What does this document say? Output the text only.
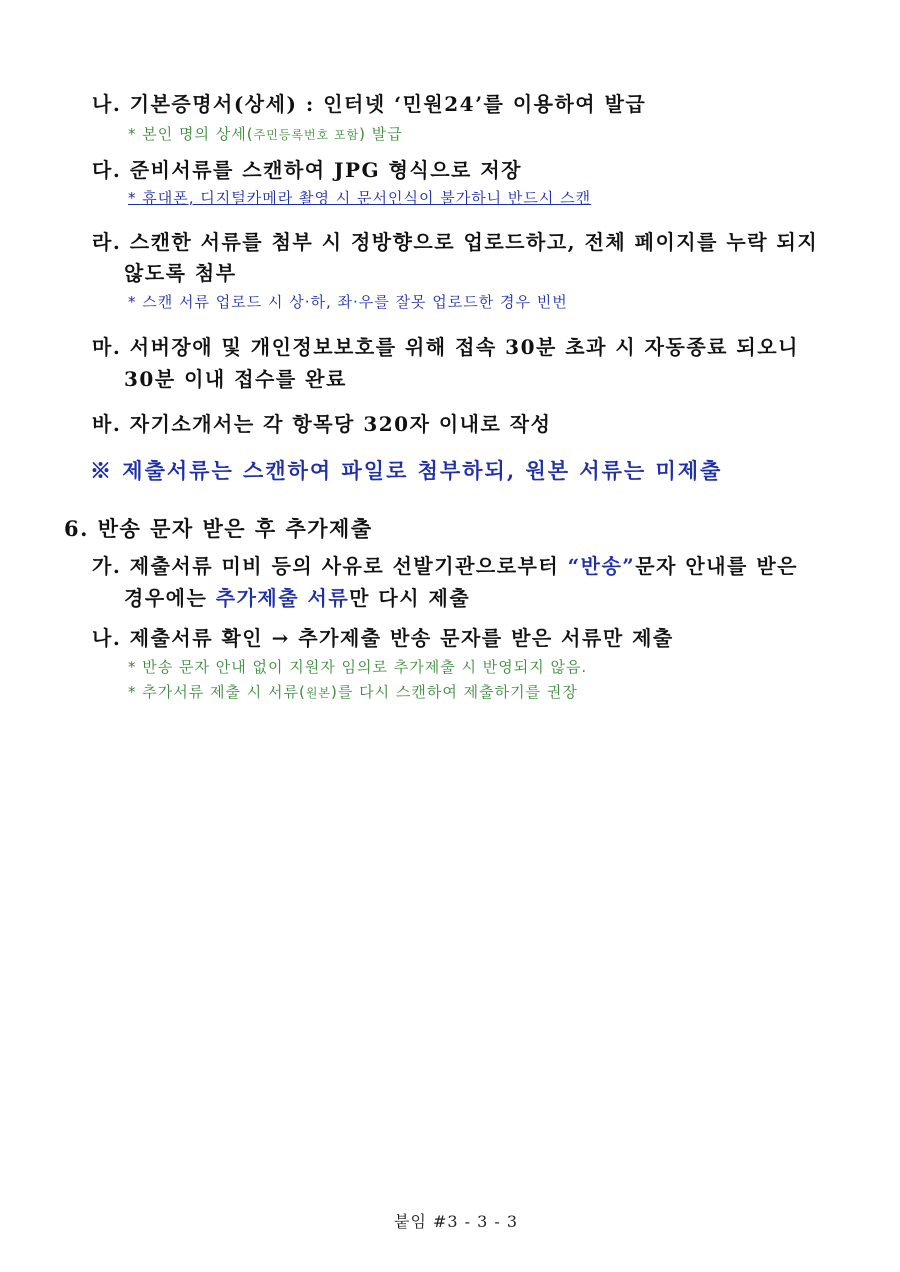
나. 기본증명서(상세) : 인터넷 ‘민원24’를 이용하여 발급
* 본인 명의 상세(주민등록번호 포함) 발급
다. 준비서류를 스캔하여 JPG 형식으로 저장
* 휴대폰, 디지털카메라 촬영 시 문서인식이 불가하니 반드시 스캔
라. 스캔한 서류를 첨부 시 정방향으로 업로드하고, 전체 페이지를 누락 되지
않도록 첨부
* 스캔 서류 업로드 시 상·하, 좌·우를 잘못 업로드한 경우 빈번
마. 서버장애 및 개인정보보호를 위해 접속 30분 초과 시 자동종료 되오니
30분 이내 접수를 완료
바. 자기소개서는 각 항목당 320자 이내로 작성
※ 제출서류는 스캔하여 파일로 첨부하되, 원본 서류는 미제출
6. 반송 문자 받은 후 추가제출
가. 제출서류 미비 등의 사유로 선발기관으로부터 “반송”문자 안내를 받은
경우에는 추가제출 서류만 다시 제출
나. 제출서류 확인 → 추가제출 반송 문자를 받은 서류만 제출
* 반송 문자 안내 없이 지원자 임의로 추가제출 시 반영되지 않음.
* 추가서류 제출 시 서류(원본)를 다시 스캔하여 제출하기를 권장
붙임 #3 - 3 - 3
